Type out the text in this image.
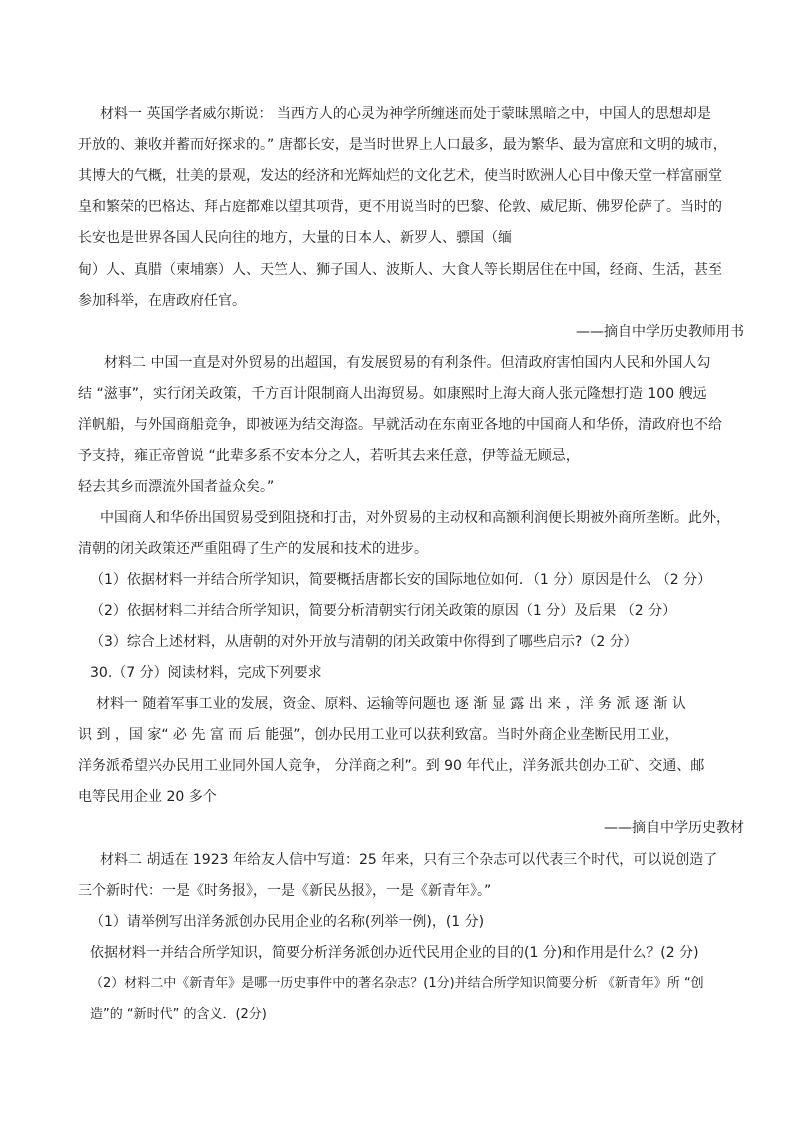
材料一 英国学者威尔斯说： 当西方人的心灵为神学所缠迷而处于蒙昧黑暗之中，中国人的思想却是
开放的、兼收并蓄而好探求的。” 唐都长安，是当时世界上人口最多，最为繁华、最为富庶和文明的城市，
其博大的气概，壮美的景观，发达的经济和光辉灿烂的文化艺术，使当时欧洲人心目中像天堂一样富丽堂
皇和繁荣的巴格达、拜占庭都难以望其项背，更不用说当时的巴黎、伦敦、威尼斯、佛罗伦萨了。当时的
长安也是世界各国人民向往的地方，大量的日本人、新罗人、骠国（缅
甸）人、真腊（柬埔寨）人、天竺人、狮子国人、波斯人、大食人等长期居住在中国，经商、生活，甚至
参加科举，在唐政府任官。
——摘自中学历史教师用书
材料二 中国一直是对外贸易的出超国，有发展贸易的有利条件。但清政府害怕国内人民和外国人勾
结 “滋事”，实行闭关政策，千方百计限制商人出海贸易。如康熙时上海大商人张元隆想打造 100 艘远
洋帆船，与外国商船竞争，即被诬为结交海盗。早就活动在东南亚各地的中国商人和华侨，清政府也不给
予支持，雍正帝曾说 “此辈多系不安本分之人，若听其去来任意，伊等益无顾忌，
轻去其乡而漂流外国者益众矣。”
中国商人和华侨出国贸易受到阻挠和打击，对外贸易的主动权和高额利润便长期被外商所垄断。此外，
清朝的闭关政策还严重阻碍了生产的发展和技术的进步。
（1）依据材料一并结合所学知识，简要概括唐都长安的国际地位如何．（1 分）原因是什么 （2 分）
（2）依据材料二并结合所学知识，简要分析清朝实行闭关政策的原因（1 分）及后果 （2 分）
（3）综合上述材料，从唐朝的对外开放与清朝的闭关政策中你得到了哪些启示?（2 分）
30.（7 分）阅读材料，完成下列要求
材料一 随着军事工业的发展，资金、原料、运输等问题也 逐 渐 显 露 出 来 ，洋 务 派 逐 渐 认
识 到 ，国 家“ 必 先 富 而 后 能强”，创办民用工业可以获利致富。当时外商企业垄断民用工业，
洋务派希望兴办民用工业同外国人竞争， 分洋商之利”。到 90 年代止，洋务派共创办工矿、交通、邮
电等民用企业 20 多个
——摘自中学历史教材
材料二 胡适在 1923 年给友人信中写道：25 年来，只有三个杂志可以代表三个时代，可以说创造了
三个新时代：一是《时务报》，一是《新民丛报》，一是《新青年》。”
（1）请举例写出洋务派创办民用企业的名称(列举一例)，(1 分)
依据材料一并结合所学知识，简要分析洋务派创办近代民用企业的目的(1 分)和作用是什么？(2 分)
（2）材料二中《新青年》是哪一历史事件中的著名杂志？(1分)并结合所学知识简要分析 《新青年》所 “创
造”的 “新时代” 的含义．(2分)
